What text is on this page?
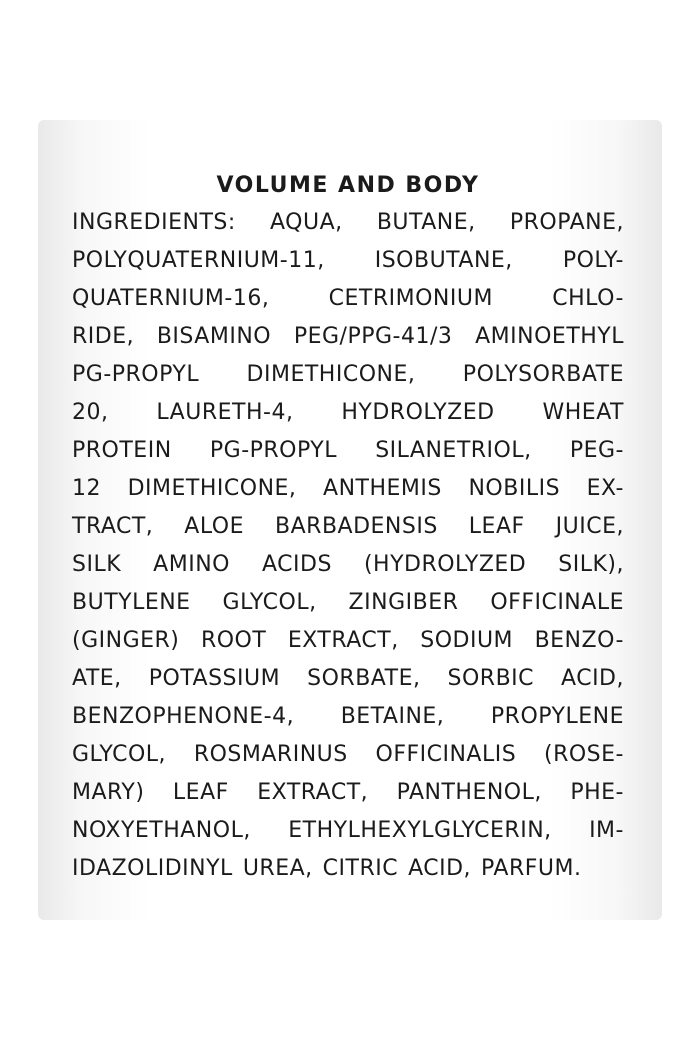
VOLUME AND BODY

INGREDIENTS: AQUA, BUTANE, PROPANE,

POLYQUATERNIUM-11, ISOBUTANE, POLY-

QUATERNIUM-16,	CETRIMONIUM	CHLO-

RIDE, BISAMINO PEG/PPG-41/3 AMINOETHYL

PG-PROPYL DIMETHICONE, POLYSORBATE

20, LAURETH-4, HYDROLYZED WHEAT

PROTEIN PG-PROPYL SILANETRIOL, PEG-

12 DIMETHICONE, ANTHEMIS NOBILIS EX-

TRACT, ALOE BARBADENSIS LEAF JUICE,

SILK AMINO ACIDS (HYDROLYZED SILK),

BUTYLENE GLYCOL, ZINGIBER OFFICINALE

(GINGER) ROOT EXTRACT, SODIUM BENZO-

ATE, POTASSIUM SORBATE, SORBIC ACID,

BENZOPHENONE-4, BETAINE, PROPYLENE

GLYCOL, ROSMARINUS OFFICINALIS (ROSE-

MARY) LEAF EXTRACT, PANTHENOL, PHE-

NOXYETHANOL, ETHYLHEXYLGLYCERIN, IM-

IDAZOLIDINYL UREA, CITRIC ACID, PARFUM.
